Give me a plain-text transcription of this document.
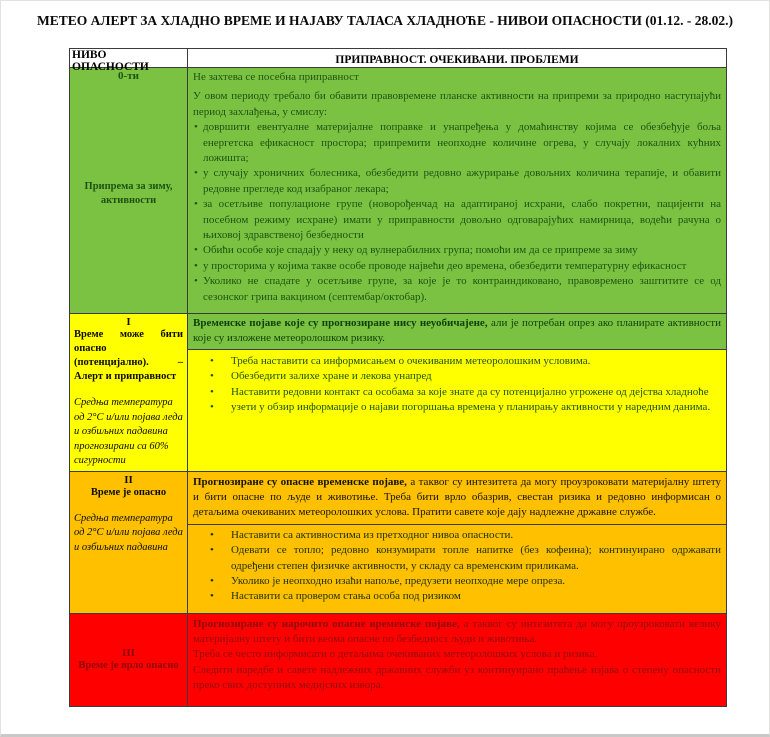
МЕТЕО АЛЕРТ ЗА ХЛАДНО ВРЕМЕ И НАЈАВУ ТАЛАСА ХЛАДНОЋЕ - НИВОИ ОПАСНОСТИ (01.12. - 28.02.)
НИВО ОПАСНОСТИ
ПРИПРАВНОСТ. ОЧЕКИВАНИ. ПРОБЛЕМИ
0-ти
Припрема за зиму, активности

Не захтева се посебна приправност

У овом периоду требало би обавити правовремене планске активности на припреми за природно наступајући период захлађења, у смислу:

• довршити евентуалне материјалне поправке и унапређења у домаћинству којима се обезбеђује боља енергетска ефикасност простора; припремити неопходне количине огрева, у случају локалних кућних ложишта;
• у случају хроничних болесника, обезбедити редовно ажурирање довољних количина терапије, и обавити редовне прегледе код изабраног лекара;
• за осетљиве популационе групе (новорођенчад на адаптираној исхрани, слабо покретни, пацијенти на посебном режиму исхране) имати у приправности довољно одговарајућих намирница, водећи рачуна о њиховој здравственој безбедности
• Обићи особе које спадају у неку од вулнерабилних група; помоћи им да се припреме за зиму
• у просторима у којима такве особе проводе највећи део времена, обезбедити температурну ефикасност
• Уколико не спадате у осетљиве групе, за које је то контраиндиковано, правовремено заштитите се од сезонског грипа вакцином (септембар/октобар).
I
Време може бити опасно (потенцијално). – Алерт и приправност
Средња температура од 2°С и/или појава леда и озбиљних падавина прогнозирани са 60% сигурности
Временске појаве које су прогнозиране нису неуобичајене, али је потребан опрез ако планирате активности које су изложене метеоролошком ризику.
• Треба наставити са информисањем о очекиваним метеоролошким условима.
• Обезбедити залихе хране и лекова унапред
• Наставити редовни контакт са особама за које знате да су потенцијално угрожене од дејства хладноће
• узети у обзир информације о најави погоршања времена у планирању активности у наредним данима.
II
Време је опасно
Средња температура од 2°С и/или појава леда и озбиљних падавина
Прогнозиране су опасне временске појаве, а таквог су интезитета да могу проузроковати материјалну штету и бити опасне по људе и животиње. Треба бити врло обазрив, свестан ризика и редовно информисан о детаљима очекиваних метеоролошких услова. Пратити савете које дају надлежне државне службе.
• Наставити са активностима из претходног нивоа опасности.
• Одевати се топло; редовно конзумирати топле напитке (без кофеина); континуирано одржавати одређени степен физичке активности, у складу са временским приликама.
• Уколико је неопходно изаћи напоље, предузети неопходне мере опреза.
• Наставити са провером стања особа под ризиком
III
Време је врло опасно

Прогнозиране су нарочито опасне временске појаве, а таквог су интезитета да могу проузроковати велику материјалну штету и бити веома опасне по безбедност људи и животиња.

Треба се често информисати о детаљима очекиваних метеоролошких услова и ризика.

Следити наредбе и савете надлежних државних служби уз континуирано праћење изјава о степену опасности преко свих доступних медијских извора.
